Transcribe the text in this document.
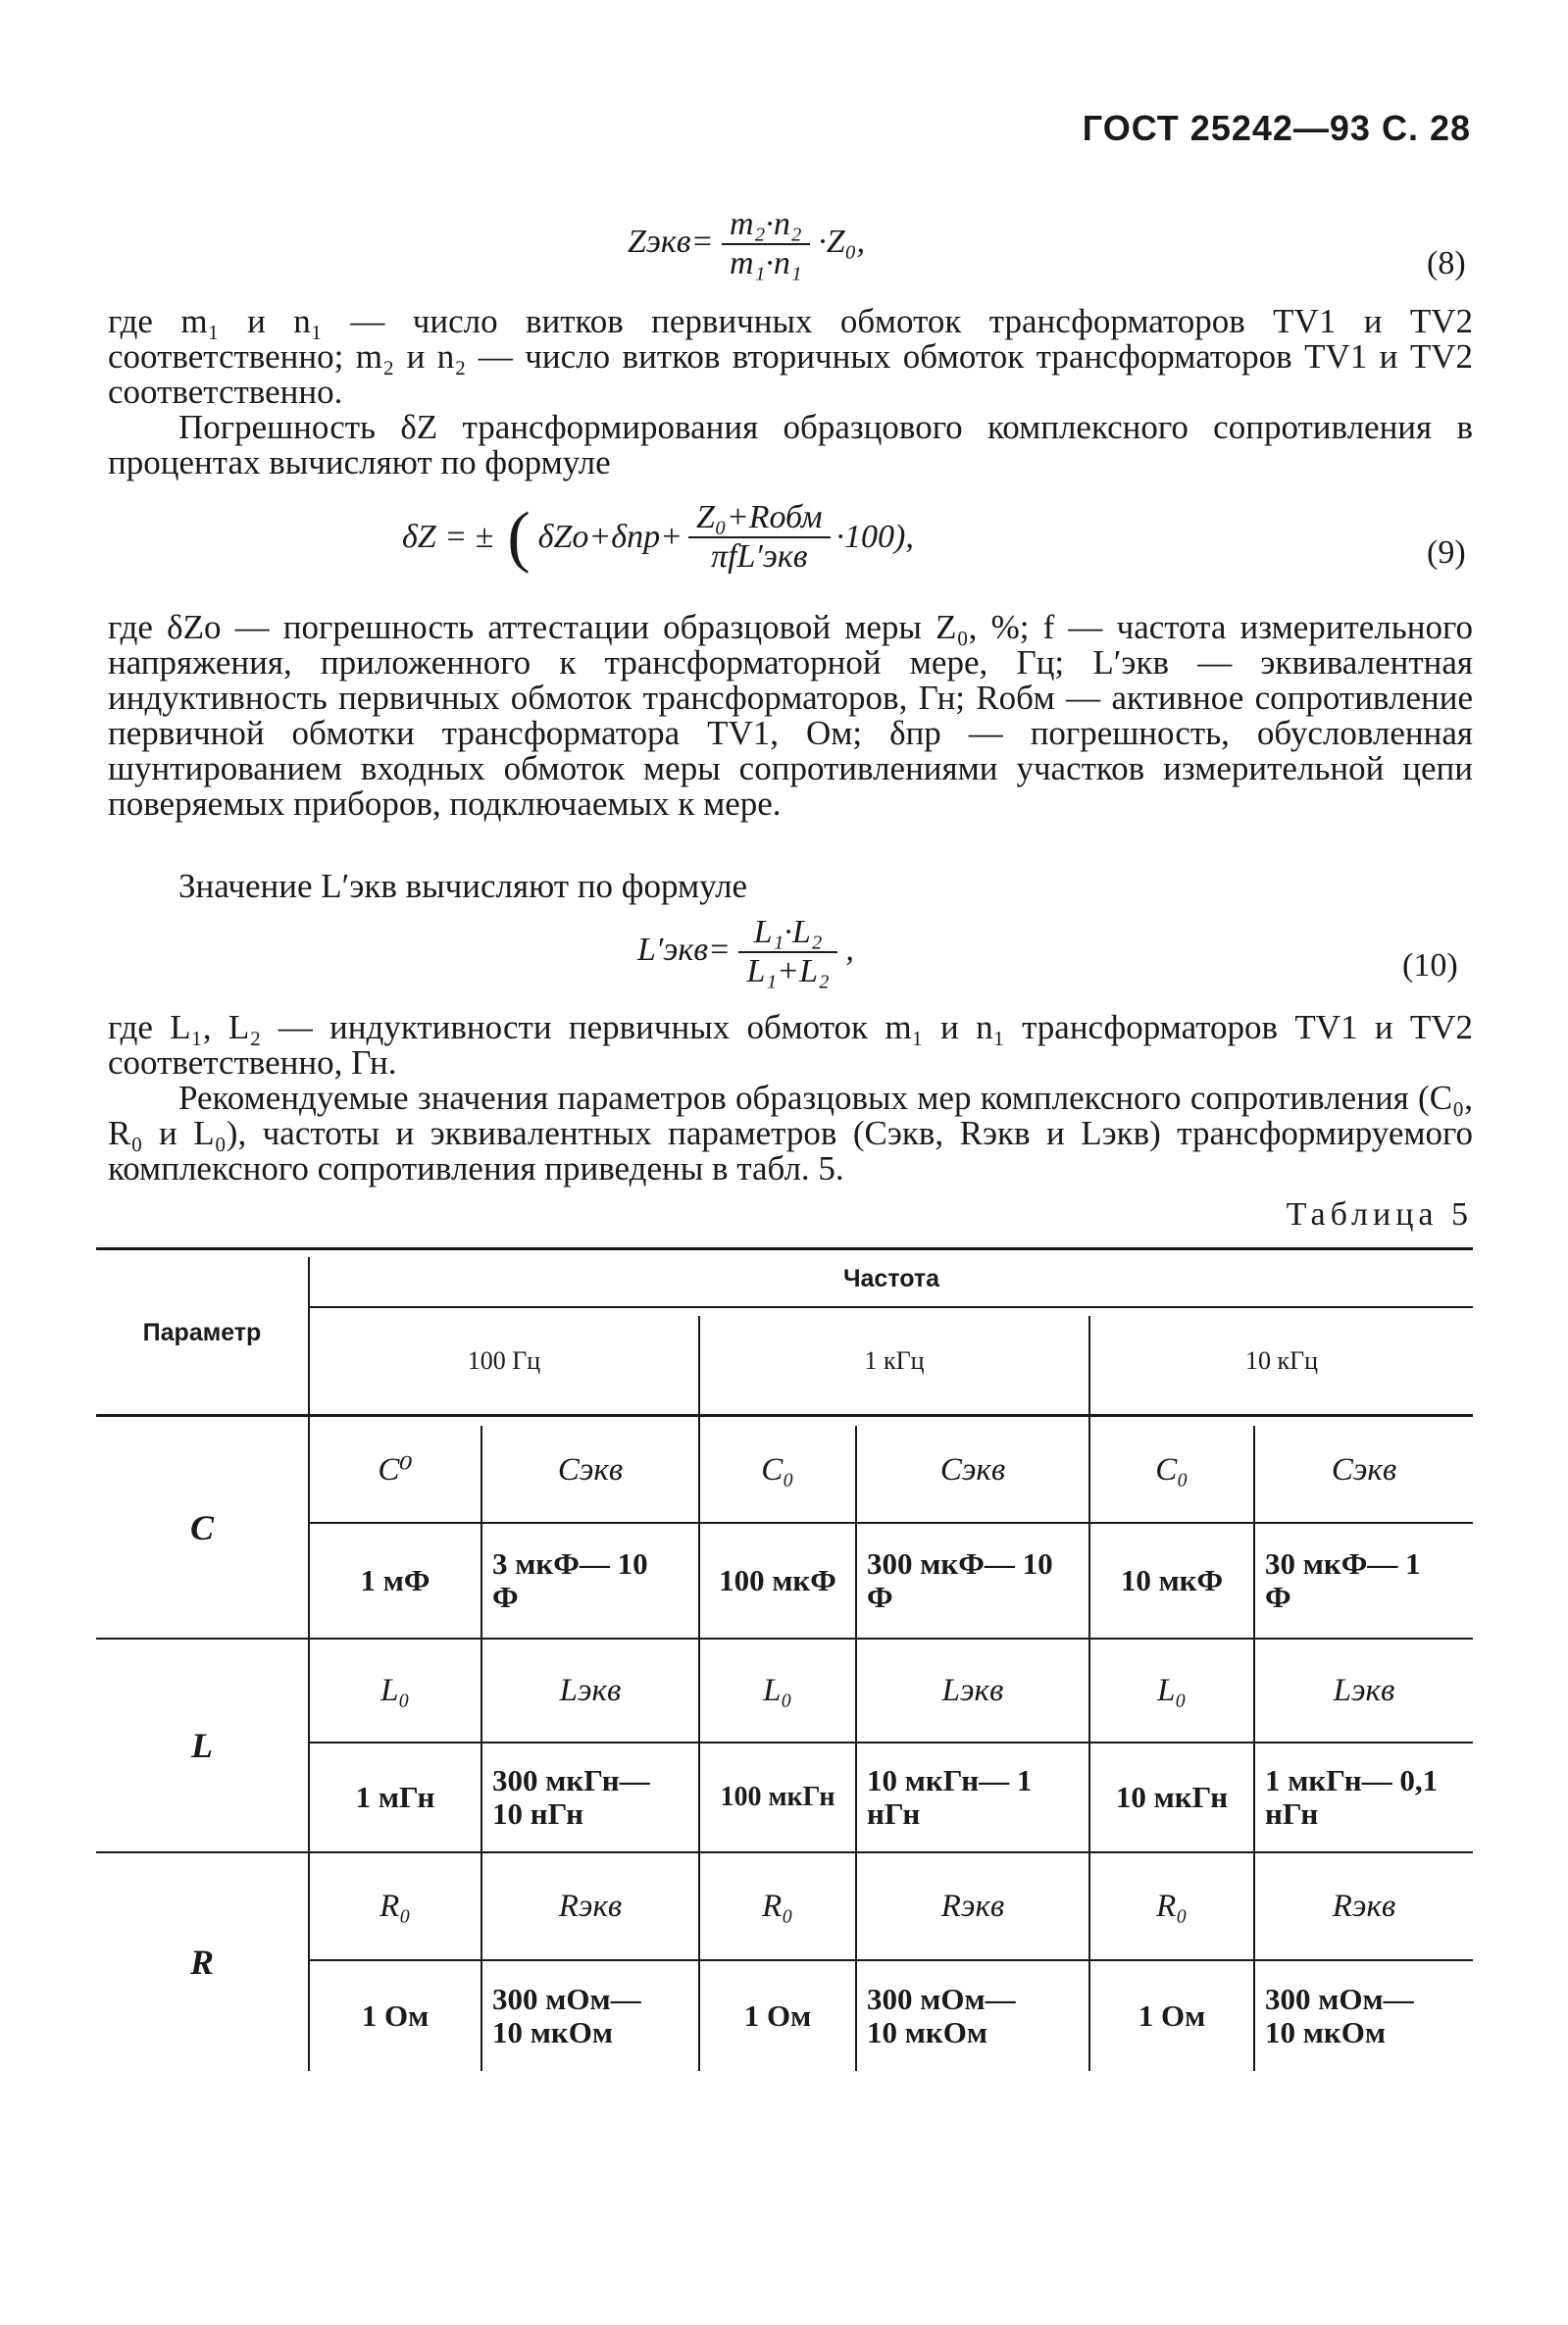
ГОСТ 25242—93 С. 28
Zэкв= $\frac{\text{m₂·n₂}}{\text{m₁·n₁}} \cdot Z_0$,
(8)
где m₁ и n₁ — число витков первичных обмоток трансформаторов TV1 и TV2 соответственно; m₂ и n₂ — число витков вторичных обмоток трансформаторов TV1 и TV2 соответственно.
Погрешность δZ трансформирования образцового комплексного сопротивления в процентах вычисляют по формуле
δZ = ± ( $\delta Zo+\delta пр+ \frac{\text{Z₀+Rобм}}{\text{πfL′экв}} \cdot 100$),	(9)
где δZo — погрешность аттестации образцовой меры Z₀, %; f — частота измерительного напряжения, приложенного к трансформаторной мере, Гц; L′экв — эквивалентная индуктивность первичных обмоток трансформаторов, Гн; Rобм — активное сопротивление первичной обмотки трансформатора TV1, Ом; δпр — погрешность, обусловленная шунтированием входных обмоток меры сопротивлениями участков измерительной цепи поверяемых приборов, подключаемых к мере.
Значение L′экв вычисляют по формуле
$L'экв= \frac{\text{L₁·L₂}}{\text{L₁+L₂}}$ ,	(10)
где L₁, L₂ — индуктивности первичных обмоток m₁ и n₁ трансформаторов TV1 и TV2 соответственно, Гн.
Рекомендуемые значения параметров образцовых мер комплексного сопротивления (C₀, R₀ и L₀), частоты и эквивалентных параметров (Cэкв, Rэкв и Lэкв) трансформируемого комплексного сопротивления приведены в табл. 5.
Таблица 5
Параметр
Частота
100 Гц	1 кГц	10 кГц
C
C⁰	Cэкв	C₀	Cэкв	C₀	Cэкв
1 мФ	3 мкФ— 10 Ф	100 мкФ	300 мкФ— 10 Ф	10 мкФ	30 мкФ— 1 Ф
L
L₀	Lэкв	L₀	Lэкв	L₀	Lэкв
1 мГн	300 мкГн— 10 нГн	100 мкГн	10 мкГн— 1 нГн	10 мкГн	1 мкГн— 0,1 нГн
R
R₀	Rэкв	R₀	Rэкв	R₀	Rэкв
1 Ом	300 мОм— 10 мкОм	1 Ом	300 мОм— 10 мкОм	1 Ом	300 мОм— 10 мкОм
